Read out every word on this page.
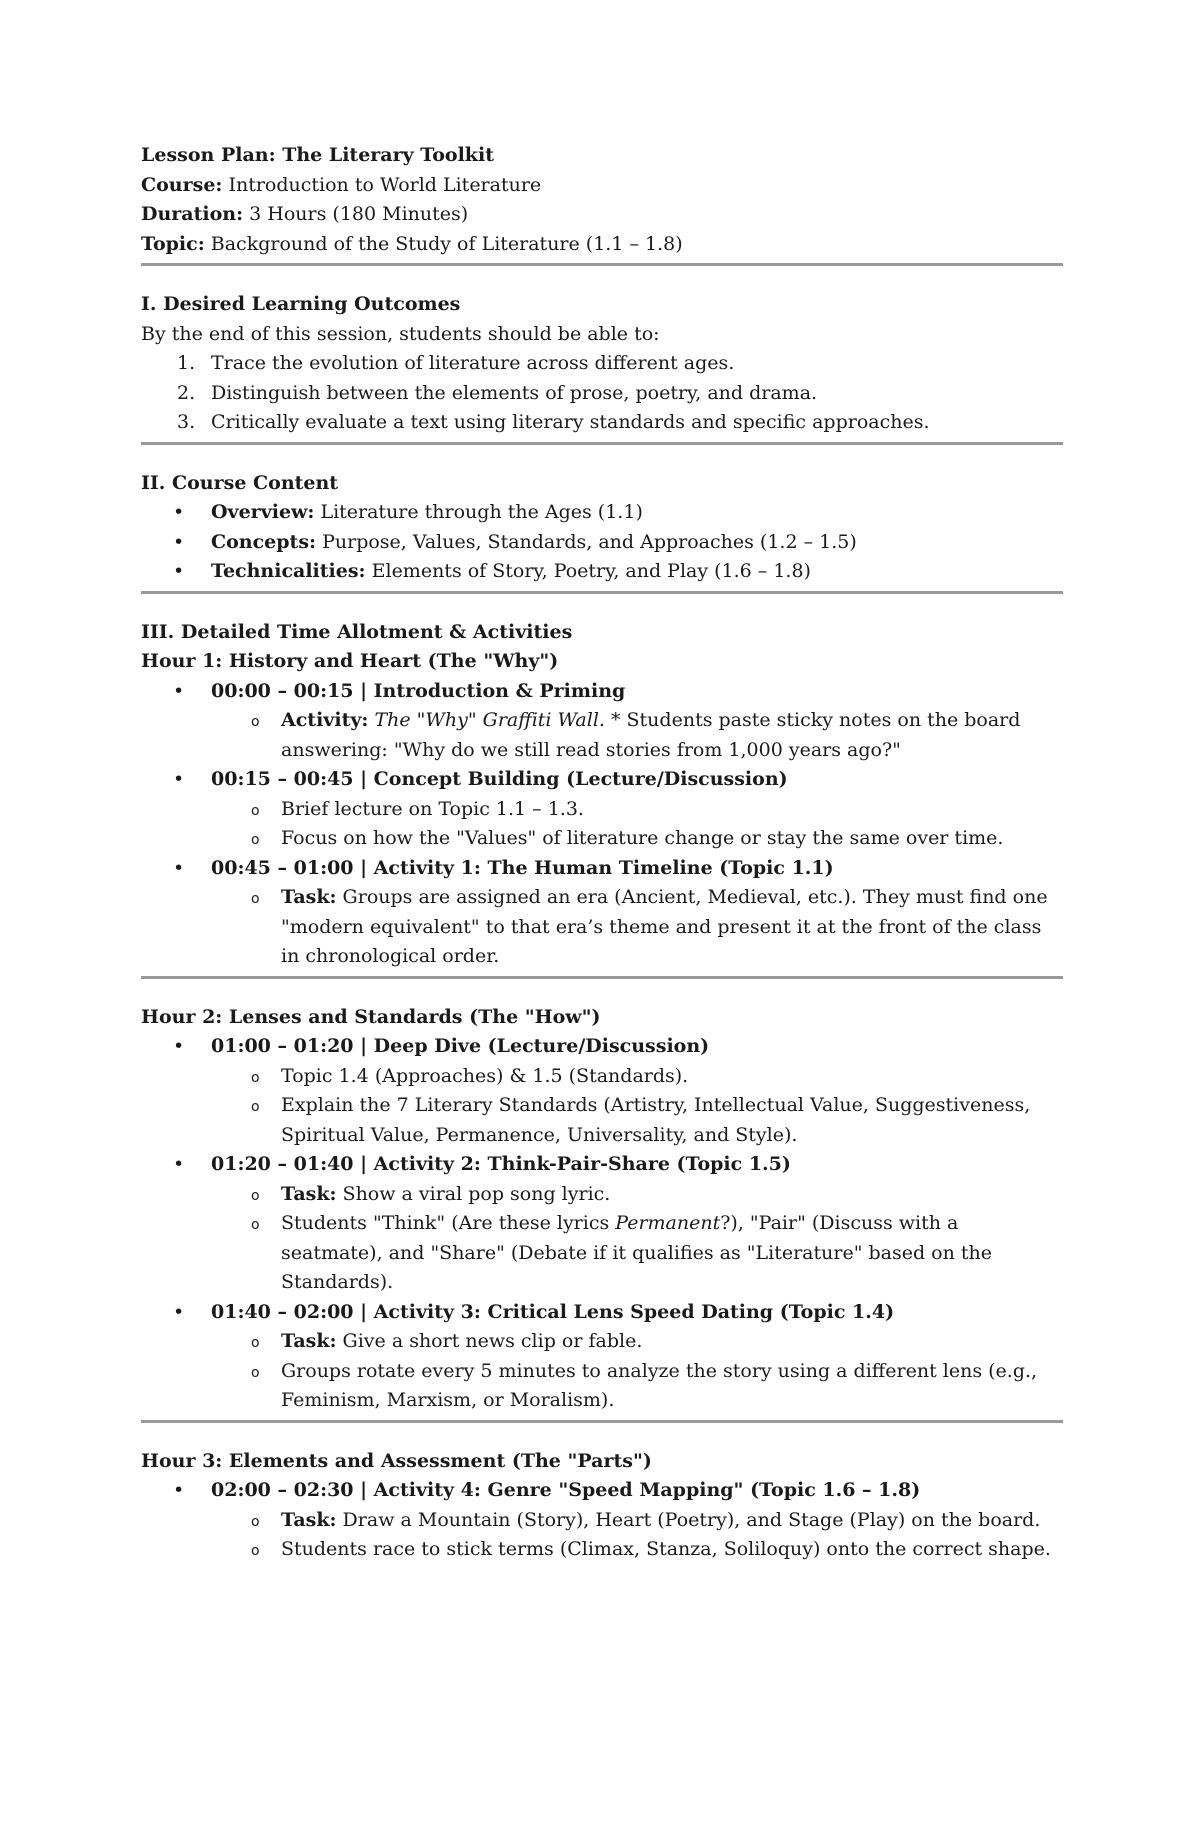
Lesson Plan: The Literary Toolkit

Course: Introduction to World Literature

Duration: 3 Hours (180 Minutes)

Topic: Background of the Study of Literature (1.1 – 1.8)

I. Desired Learning Outcomes

By the end of this session, students should be able to:

1. Trace the evolution of literature across different ages.
2. Distinguish between the elements of prose, poetry, and drama.
3. Critically evaluate a text using literary standards and specific approaches.

II. Course Content

• Overview: Literature through the Ages (1.1)
• Concepts: Purpose, Values, Standards, and Approaches (1.2 – 1.5)
• Technicalities: Elements of Story, Poetry, and Play (1.6 – 1.8)

III. Detailed Time Allotment & Activities

Hour 1: History and Heart (The "Why")

• 00:00 – 00:15 | Introduction & Priming
o Activity: The "Why" Graffiti Wall. * Students paste sticky notes on the board answering: "Why do we still read stories from 1,000 years ago?"
• 00:15 – 00:45 | Concept Building (Lecture/Discussion)
o Brief lecture on Topic 1.1 – 1.3.
o Focus on how the "Values" of literature change or stay the same over time.
• 00:45 – 01:00 | Activity 1: The Human Timeline (Topic 1.1)
o Task: Groups are assigned an era (Ancient, Medieval, etc.). They must find one "modern equivalent" to that era’s theme and present it at the front of the class in chronological order.

Hour 2: Lenses and Standards (The "How")

• 01:00 – 01:20 | Deep Dive (Lecture/Discussion)
o Topic 1.4 (Approaches) & 1.5 (Standards).
o Explain the 7 Literary Standards (Artistry, Intellectual Value, Suggestiveness, Spiritual Value, Permanence, Universality, and Style).
• 01:20 – 01:40 | Activity 2: Think-Pair-Share (Topic 1.5)
o Task: Show a viral pop song lyric.
o Students "Think" (Are these lyrics Permanent?), "Pair" (Discuss with a seatmate), and "Share" (Debate if it qualifies as "Literature" based on the Standards).
• 01:40 – 02:00 | Activity 3: Critical Lens Speed Dating (Topic 1.4)
o Task: Give a short news clip or fable.
o Groups rotate every 5 minutes to analyze the story using a different lens (e.g., Feminism, Marxism, or Moralism).

Hour 3: Elements and Assessment (The "Parts")

• 02:00 – 02:30 | Activity 4: Genre "Speed Mapping" (Topic 1.6 – 1.8)
o Task: Draw a Mountain (Story), Heart (Poetry), and Stage (Play) on the board.
o Students race to stick terms (Climax, Stanza, Soliloquy) onto the correct shape.
